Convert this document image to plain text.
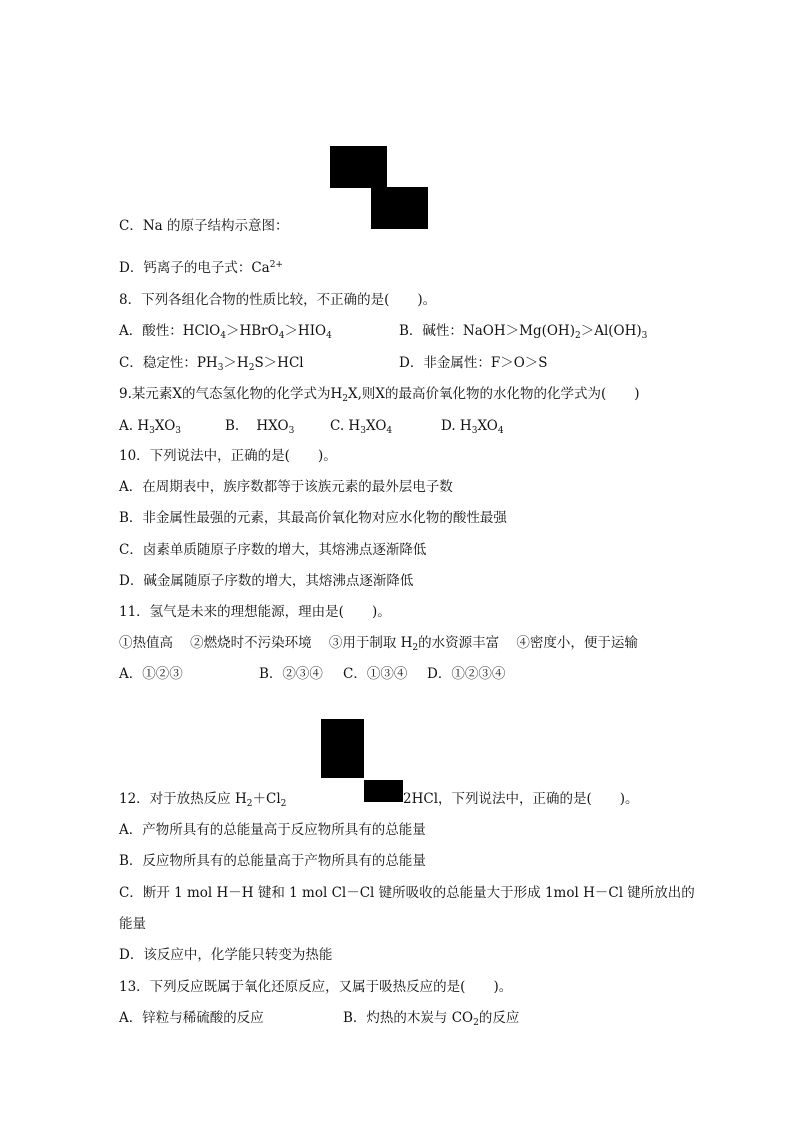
C．Na 的原子结构示意图：
D．钙离子的电子式：$Ca^{2+}$
8．下列各组化合物的性质比较，不正确的是( )。
A．酸性：$HClO_4>HBrO_4>HIO_4$	B．碱性：$NaOH>Mg(OH)_2>Al(OH)_3$
C．稳定性：$PH_3>H_2S>HCl$	D．非金属性：F＞O＞S
9.某元素X的气态氢化物的化学式为$H_2X$,则X的最高价氧化物的水化物的化学式为( )
A. $H_3XO_3$	B.    $HXO_3$	C. $H_3XO_4$	D. $H_3XO_4$
10．下列说法中，正确的是( )。
A．在周期表中，族序数都等于该族元素的最外层电子数
B．非金属性最强的元素，其最高价氧化物对应水化物的酸性最强
C．卤素单质随原子序数的增大，其熔沸点逐渐降低
D．碱金属随原子序数的增大，其熔沸点逐渐降低
11．氢气是未来的理想能源，理由是( )。
①热值高 ②燃烧时不污染环境 ③用于制取 $H_2$的水资源丰富 ④密度小，便于运输
A．①②③	B．②③④ C．①③④ D．①②③④
12．对于放热反应 $H_2+Cl_2$	2HCl，下列说法中，正确的是( )。
A．产物所具有的总能量高于反应物所具有的总能量
B．反应物所具有的总能量高于产物所具有的总能量
C．断开 1 mol H－H 键和 1 mol Cl－Cl 键所吸收的总能量大于形成 1mol H－Cl 键所放出的
能量
D．该反应中，化学能只转变为热能
13．下列反应既属于氧化还原反应，又属于吸热反应的是( )。
A．锌粒与稀硫酸的反应	B．灼热的木炭与 $CO_2$的反应
